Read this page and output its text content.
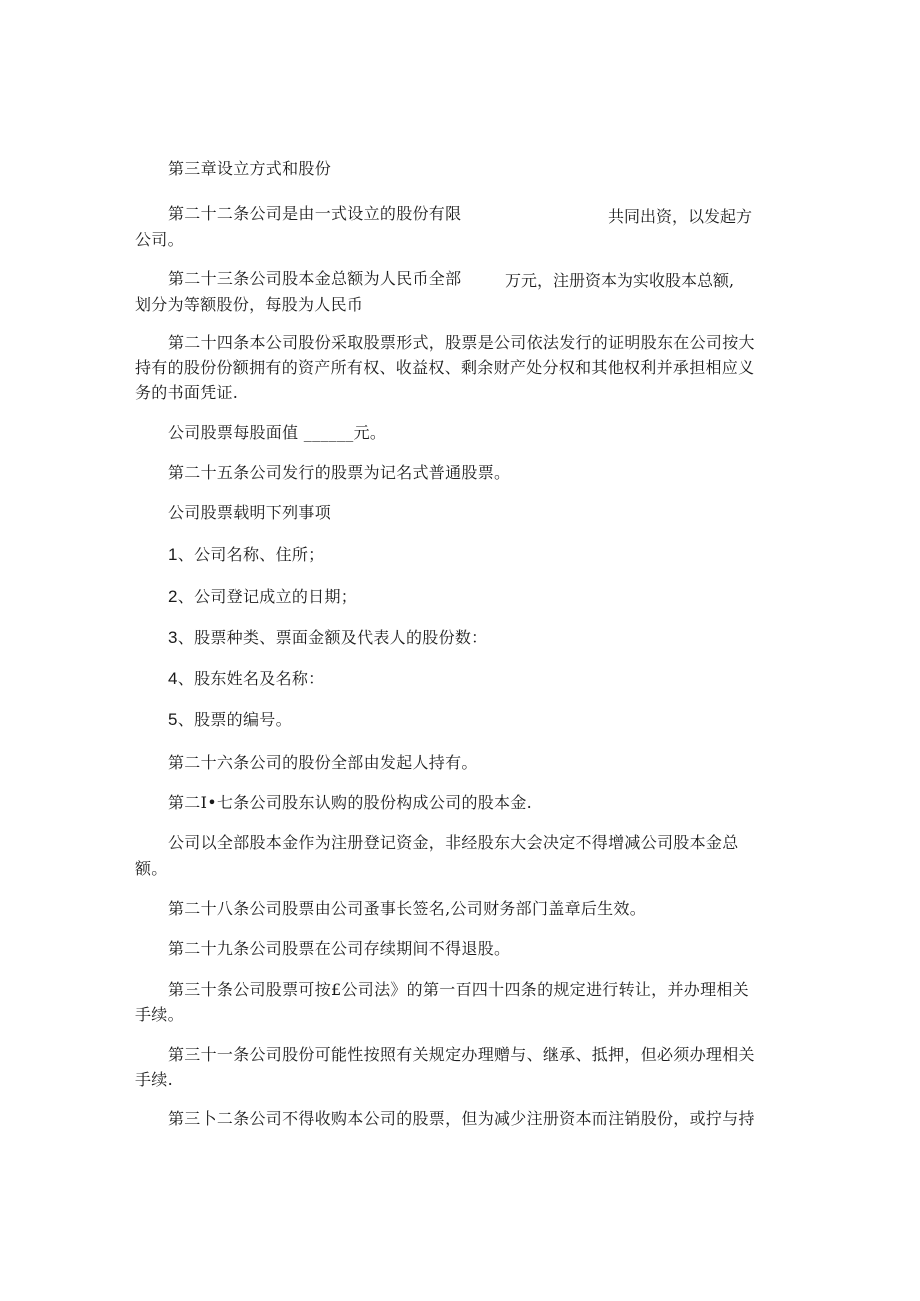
第三章设立方式和股份
第二十二条公司是由一式设立的股份有限	共同出资，以发起方
公司。
第二十三条公司股本金总额为人民币全部	万元，注册资本为实收股本总额,
划分为等额股份，每股为人民币
第二十四条本公司股份采取股票形式，股票是公司依法发行的证明股东在公司按大
持有的股份份额拥有的资产所有权、收益权、剩余财产处分权和其他权利并承担相应义
务的书面凭证.
公司股票每股面值 ______元。
第二十五条公司发行的股票为记名式普通股票。
公司股票载明下列事项
1、公司名称、住所；
2、公司登记成立的日期；
3、股票种类、票面金额及代表人的股份数：
4、股东姓名及名称：
5、股票的编号。
第二十六条公司的股份全部由发起人持有。
第二I•七条公司股东认购的股份构成公司的股本金.
公司以全部股本金作为注册登记资金，非经股东大会决定不得增减公司股本金总
额。
第二十八条公司股票由公司蚤事长签名,公司财务部门盖章后生效。
第二十九条公司股票在公司存续期间不得退股。
第三十条公司股票可按£公司法》的第一百四十四条的规定进行转让，并办理相关
手续。
第三十一条公司股份可能性按照有关规定办理赠与、继承、抵押，但必须办理相关
手续.
第三卜二条公司不得收购本公司的股票，但为减少注册资本而注销股份，或拧与持
